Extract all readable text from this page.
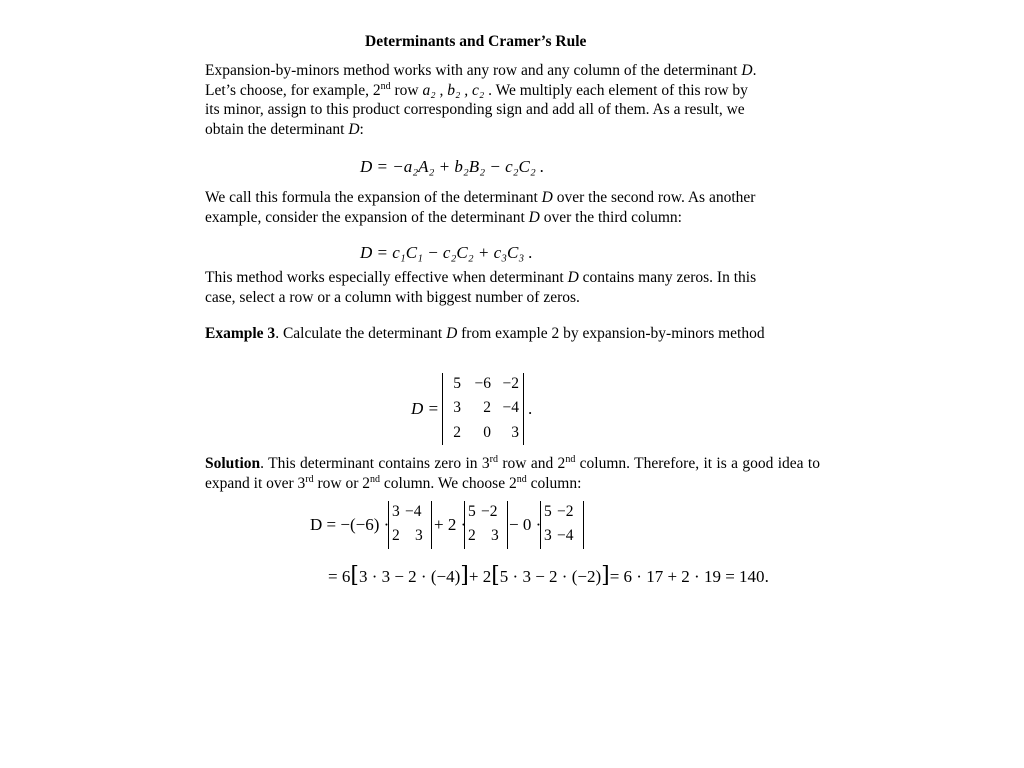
Determinants and Cramer’s Rule
Expansion-by-minors method works with any row and any column of the determinant D.
Let’s choose, for example, 2nd row a₂ , b₂ , c₂ . We multiply each element of this row by
its minor, assign to this product corresponding sign and add all of them. As a result, we
obtain the determinant D:
D = −a₂A₂ + b₂B₂ − c₂C₂ .
We call this formula the expansion of the determinant D over the second row. As another
example, consider the expansion of the determinant D over the third column:
D = c₁C₁ − c₂C₂ + c₃C₃ .
This method works especially effective when determinant D contains many zeros. In this
case, select a row or a column with biggest number of zeros.
Example 3. Calculate the determinant D from example 2 by expansion-by-minors method
D =
5 −6 −2
3 2 −4
2 0 3
.
Solution. This determinant contains zero in 3rd row and 2nd column. Therefore, it is a good idea to expand it over 3rd row or 2nd column. We choose 2nd column:
D = −(−6) ·
3 −4
2 3
+ 2 ·
5 −2
2 3
− 0 ·
5 −2
3 −4
= 6[3 · 3 − 2 · (−4)]+ 2[5 · 3 − 2 · (−2)]= 6 · 17 + 2 · 19 = 140.
